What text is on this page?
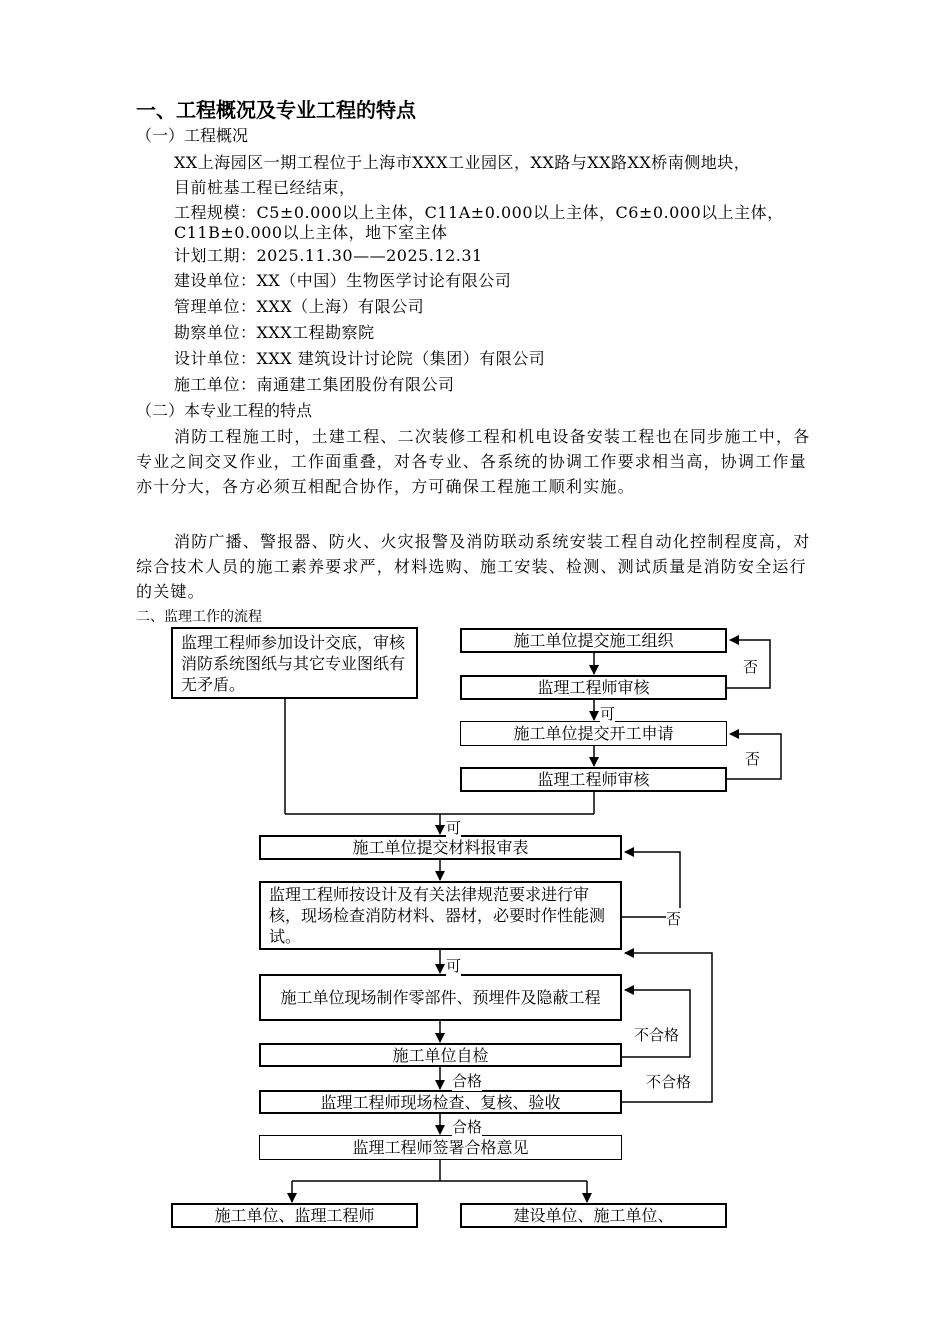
一、工程概况及专业工程的特点
（一）工程概况
XX上海园区一期工程位于上海市XXX工业园区，XX路与XX路XX桥南侧地块，
目前桩基工程已经结束，
工程规模：C5±0.000以上主体，C11A±0.000以上主体，C6±0.000以上主体，
C11B±0.000以上主体，地下室主体
计划工期：2025.11.30——2025.12.31
建设单位：XX（中国）生物医学讨论有限公司
管理单位：XXX（上海）有限公司
勘察单位：XXX工程勘察院
设计单位：XXX 建筑设计讨论院（集团）有限公司
施工单位：南通建工集团股份有限公司
（二）本专业工程的特点
消防工程施工时，土建工程、二次装修工程和机电设备安装工程也在同步施工中，各专业之间交叉作业，工作面重叠，对各专业、各系统的协调工作要求相当高，协调工作量亦十分大，各方必须互相配合协作，方可确保工程施工顺利实施。
消防广播、警报器、防火、火灾报警及消防联动系统安装工程自动化控制程度高，对综合技术人员的施工素养要求严，材料选购、施工安装、检测、测试质量是消防安全运行的关键。
二、监理工作的流程
监理工程师参加设计交底，审核消防系统图纸与其它专业图纸有无矛盾。
施工单位提交施工组织
监理工程师审核
施工单位提交开工申请
监理工程师审核
施工单位提交材料报审表
监理工程师按设计及有关法律规范要求进行审核，现场检查消防材料、器材，必要时作性能测试。
施工单位现场制作零部件、预埋件及隐蔽工程
施工单位自检
监理工程师现场检查、复核、验收
监理工程师签署合格意见
施工单位、监理工程师	建设单位、施工单位、
否
可
否
可
否
可
不合格
不合格
合格
合格
